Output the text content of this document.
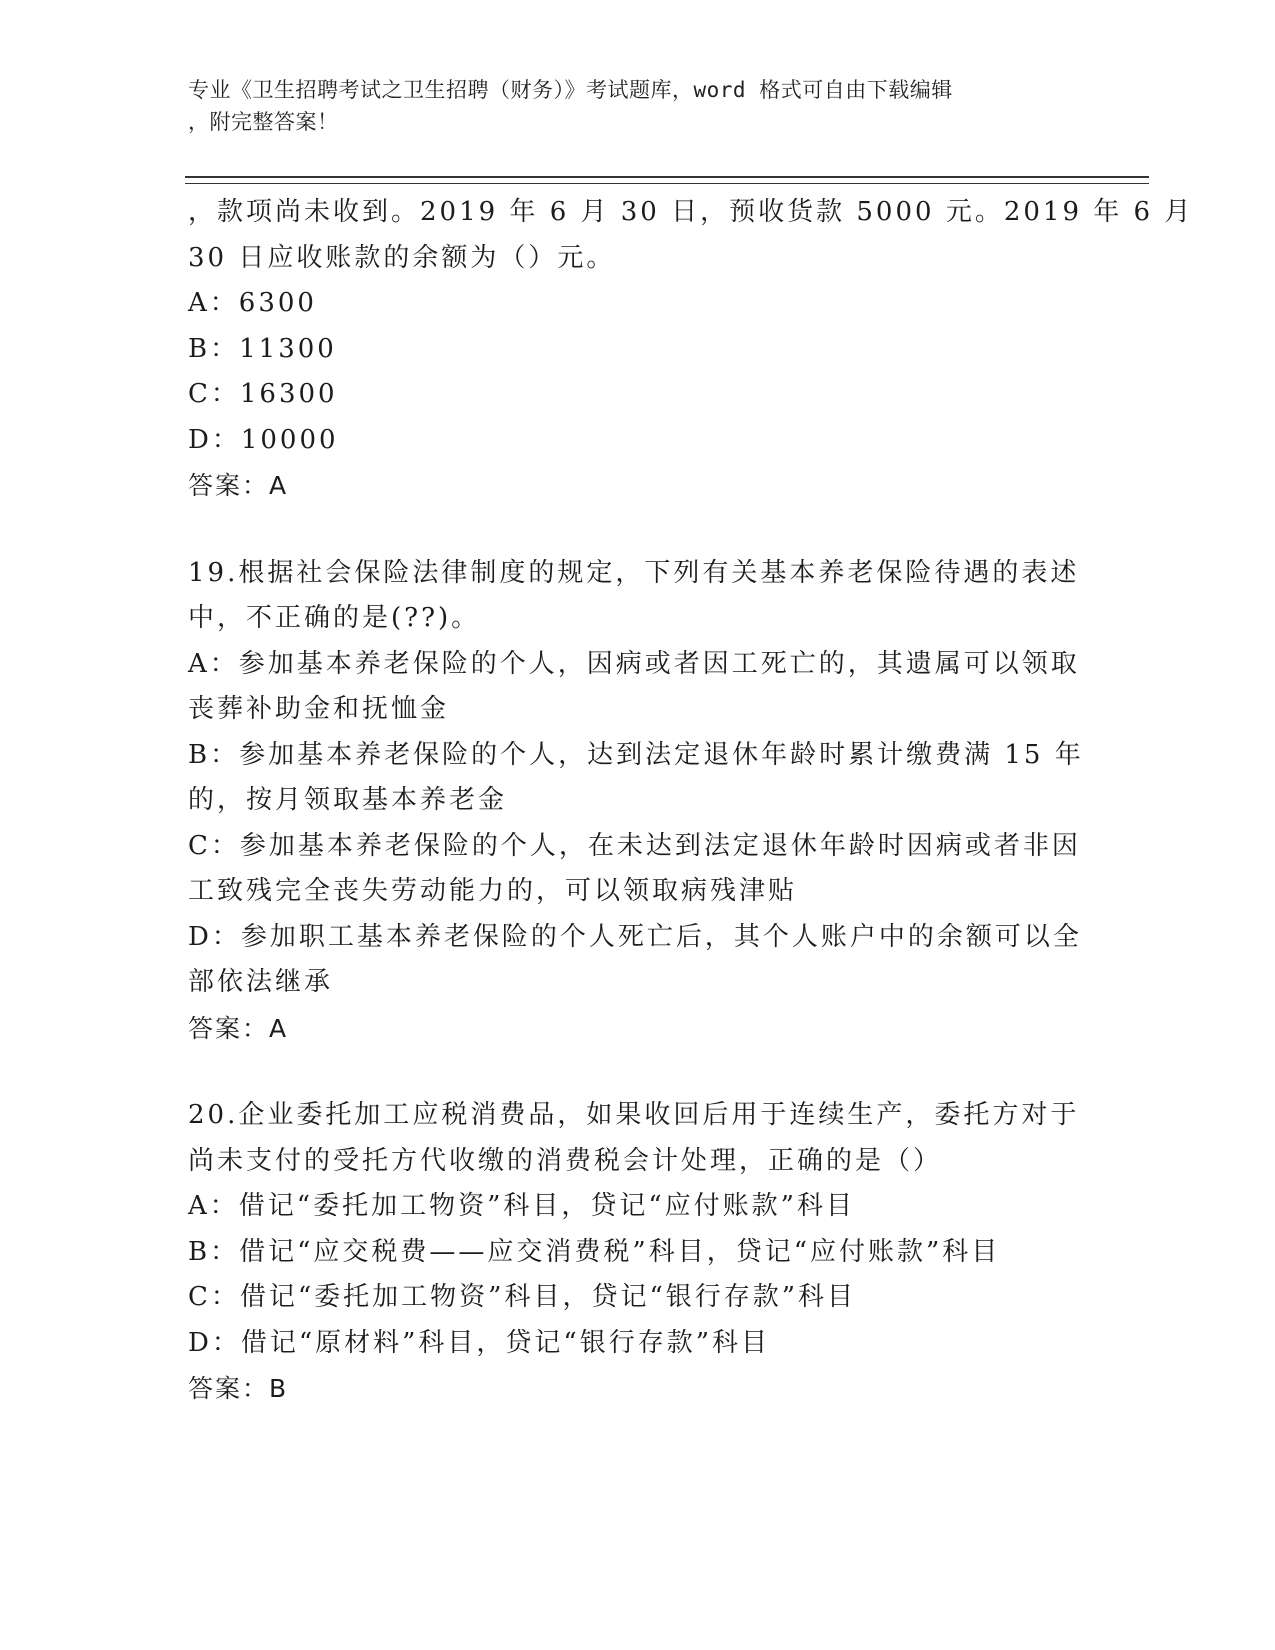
专业《卫生招聘考试之卫生招聘（财务）》考试题库，word 格式可自由下载编辑
，附完整答案！
，款项尚未收到。2019 年 6 月 30 日，预收货款 5000 元。2019 年 6 月
30 日应收账款的余额为（）元。
A：6300
B：11300
C：16300
D：10000
答案：A
19.根据社会保险法律制度的规定，下列有关基本养老保险待遇的表述
中，不正确的是(??)。
A：参加基本养老保险的个人，因病或者因工死亡的，其遗属可以领取
丧葬补助金和抚恤金
B：参加基本养老保险的个人，达到法定退休年龄时累计缴费满 15 年
的，按月领取基本养老金
C：参加基本养老保险的个人，在未达到法定退休年龄时因病或者非因
工致残完全丧失劳动能力的，可以领取病残津贴
D：参加职工基本养老保险的个人死亡后，其个人账户中的余额可以全
部依法继承
答案：A
20.企业委托加工应税消费品，如果收回后用于连续生产，委托方对于
尚未支付的受托方代收缴的消费税会计处理，正确的是（）
A：借记“委托加工物资”科目，贷记“应付账款”科目
B：借记“应交税费——应交消费税”科目，贷记“应付账款”科目
C：借记“委托加工物资”科目，贷记“银行存款”科目
D：借记“原材料”科目，贷记“银行存款”科目
答案：B
